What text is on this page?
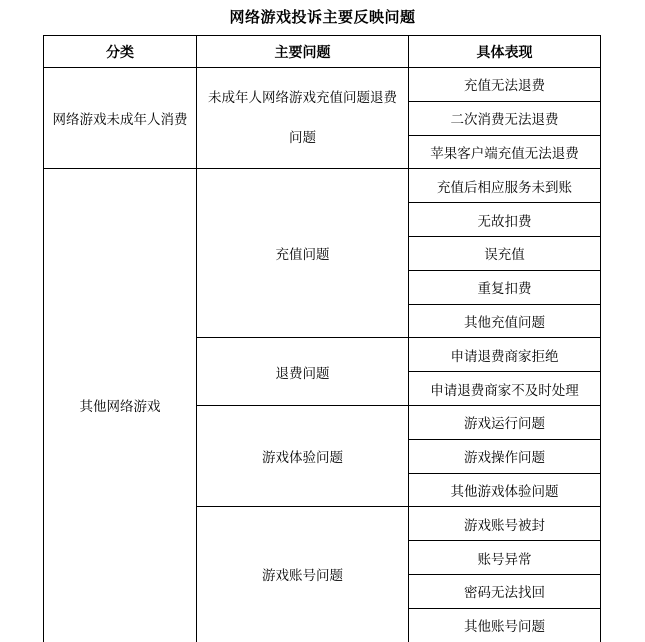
网络游戏投诉主要反映问题
分类	主要问题	具体表现
网络游戏未成年人消费	未成年人网络游戏充值问题退费问题	充值无法退费
		二次消费无法退费
		苹果客户端充值无法退费
其他网络游戏	充值问题	充值后相应服务未到账
		无故扣费
		误充值
		重复扣费
		其他充值问题
	退费问题	申请退费商家拒绝
		申请退费商家不及时处理
	游戏体验问题	游戏运行问题
		游戏操作问题
		其他游戏体验问题
	游戏账号问题	游戏账号被封
		账号异常
		密码无法找回
		其他账号问题
